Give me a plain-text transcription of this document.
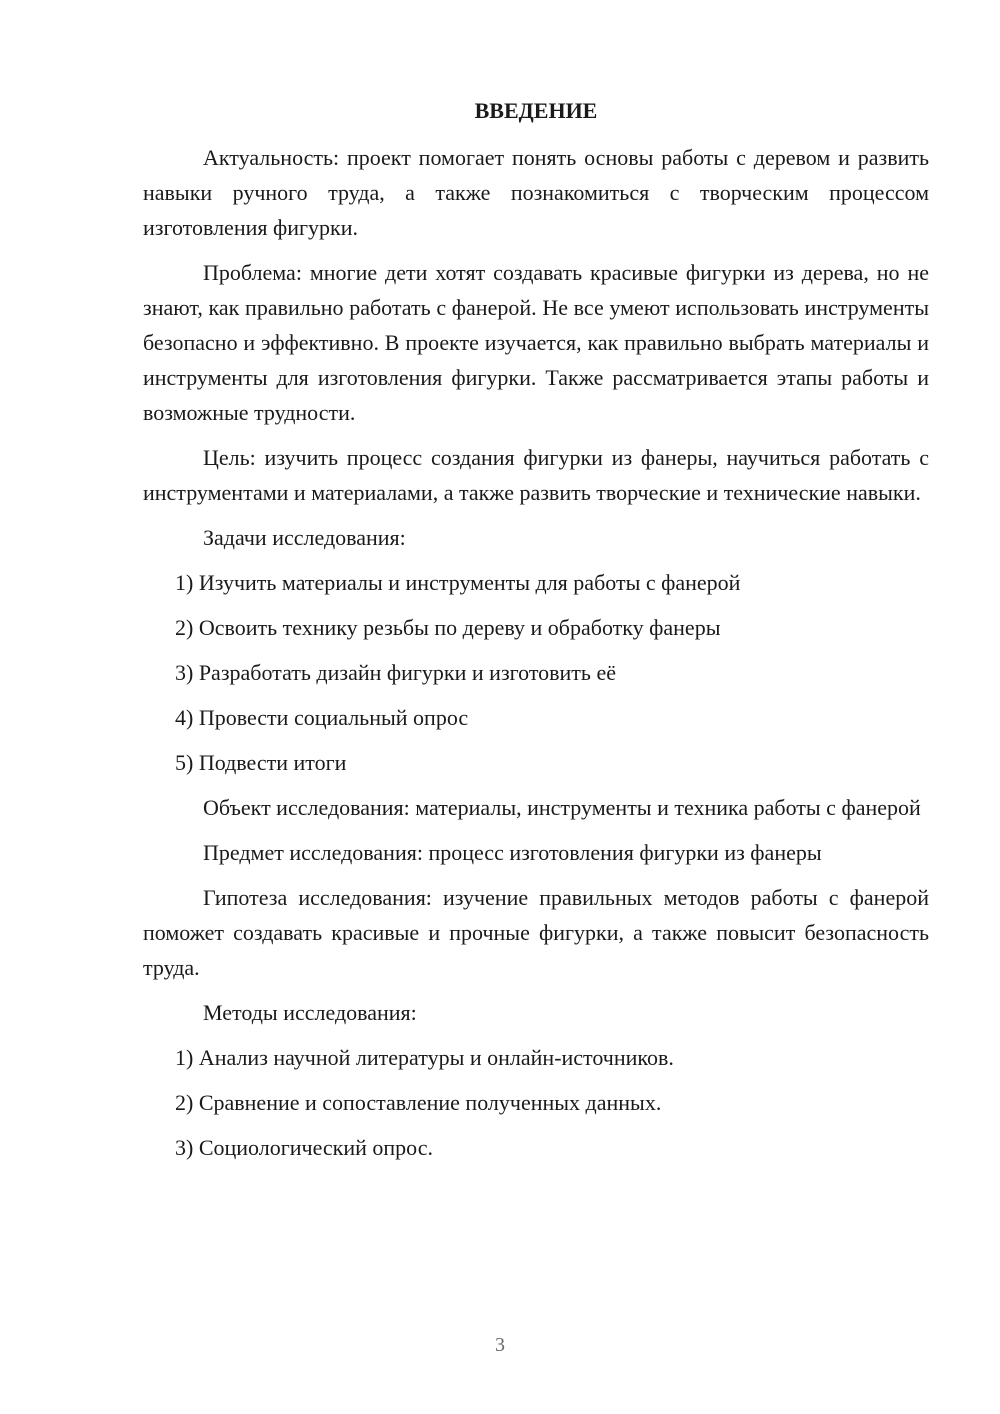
ВВЕДЕНИЕ

Актуальность: проект помогает понять основы работы с деревом и развить навыки ручного труда, а также познакомиться с творческим процессом изготовления фигурки.

Проблема: многие дети хотят создавать красивые фигурки из дерева, но не знают, как правильно работать с фанерой. Не все умеют использовать инструменты безопасно и эффективно. В проекте изучается, как правильно выбрать материалы и инструменты для изготовления фигурки. Также рассматривается этапы работы и возможные трудности.

Цель: изучить процесс создания фигурки из фанеры, научиться работать с инструментами и материалами, а также развить творческие и технические навыки.

Задачи исследования:

1) Изучить материалы и инструменты для работы с фанерой
2) Освоить технику резьбы по дереву и обработку фанеры
3) Разработать дизайн фигурки и изготовить её
4) Провести социальный опрос
5) Подвести итоги

Объект исследования: материалы, инструменты и техника работы с фанерой

Предмет исследования: процесс изготовления фигурки из фанеры

Гипотеза исследования: изучение правильных методов работы с фанерой поможет создавать красивые и прочные фигурки, а также повысит безопасность труда.

Методы исследования:

1) Анализ научной литературы и онлайн-источников.
2) Сравнение и сопоставление полученных данных.
3) Социологический опрос.
3
